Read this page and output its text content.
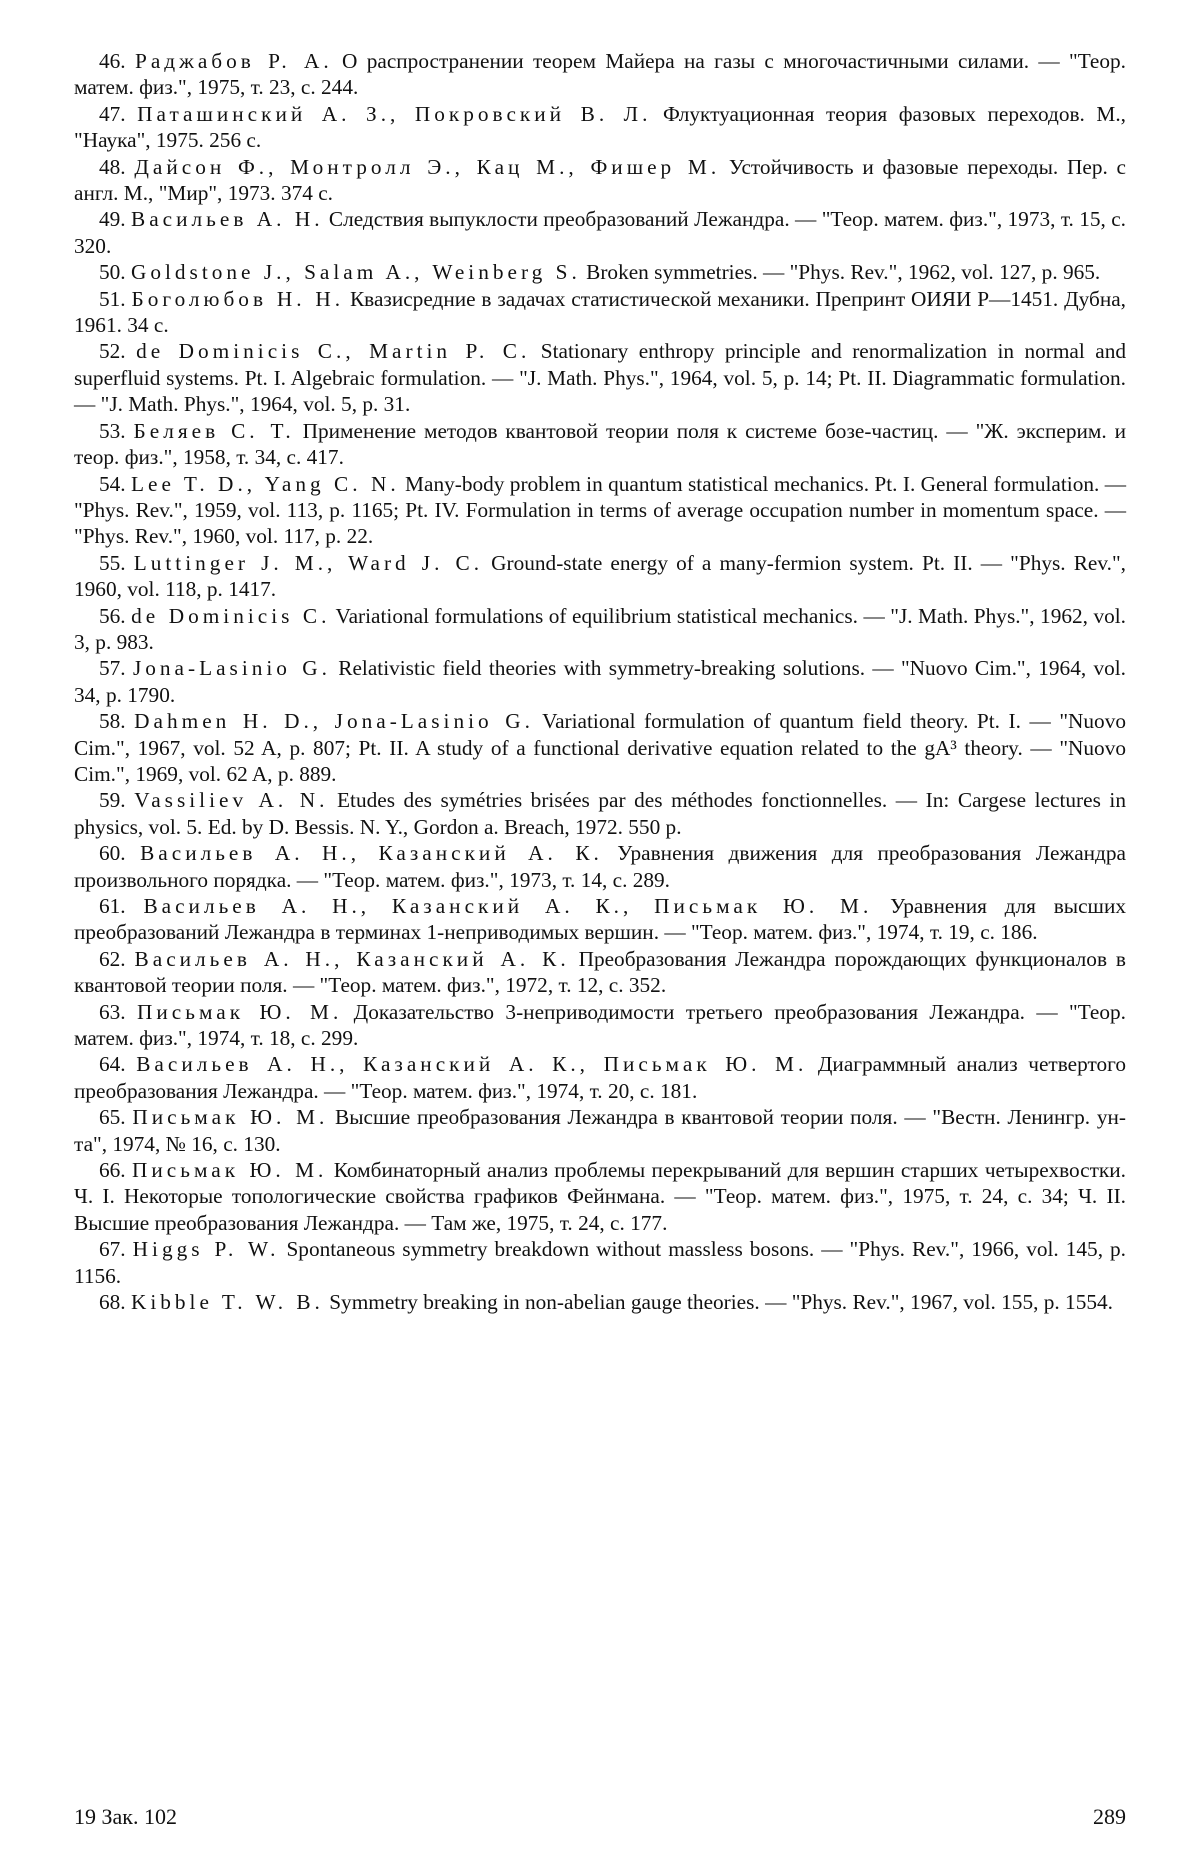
46. Раджабов Р. А. О распространении теорем Майера на газы с многочастичными силами. — "Теор. матем. физ.", 1975, т. 23, с. 244.
47. Паташинский А. З., Покровский В. Л. Флуктуационная теория фазовых переходов. М., "Наука", 1975. 256 с.
48. Дайсон Ф., Монтролл Э., Кац М., Фишер М. Устойчивость и фазовые переходы. Пер. с англ. М., "Мир", 1973. 374 с.
49. Васильев А. Н. Следствия выпуклости преобразований Лежандра. — "Теор. матем. физ.", 1973, т. 15, с. 320.
50. Goldstone J., Salam A., Weinberg S. Broken symmetries. — "Phys. Rev.", 1962, vol. 127, p. 965.
51. Боголюбов Н. Н. Квазисредние в задачах статистической механики. Препринт ОИЯИ Р—1451. Дубна, 1961. 34 с.
52. de Dominicis C., Martin P. C. Stationary enthropy principle and renormalization in normal and superfluid systems. Pt. I. Algebraic formulation. — "J. Math. Phys.", 1964, vol. 5, p. 14; Pt. II. Diagrammatic formulation. — "J. Math. Phys.", 1964, vol. 5, p. 31.
53. Беляев С. Т. Применение методов квантовой теории поля к системе бозе-частиц. — "Ж. эксперим. и теор. физ.", 1958, т. 34, с. 417.
54. Lee T. D., Yang C. N. Many-body problem in quantum statistical mechanics. Pt. I. General formulation. — "Phys. Rev.", 1959, vol. 113, p. 1165; Pt. IV. Formulation in terms of average occupation number in momentum space. — "Phys. Rev.", 1960, vol. 117, p. 22.
55. Luttinger J. M., Ward J. C. Ground-state energy of a many-fermion system. Pt. II. — "Phys. Rev.", 1960, vol. 118, p. 1417.
56. de Dominicis C. Variational formulations of equilibrium statistical mechanics. — "J. Math. Phys.", 1962, vol. 3, p. 983.
57. Jona-Lasinio G. Relativistic field theories with symmetry-breaking solutions. — "Nuovo Cim.", 1964, vol. 34, p. 1790.
58. Dahmen H. D., Jona-Lasinio G. Variational formulation of quantum field theory. Pt. I. — "Nuovo Cim.", 1967, vol. 52 A, p. 807; Pt. II. A study of a functional derivative equation related to the gA³ theory. — "Nuovo Cim.", 1969, vol. 62 A, p. 889.
59. Vassiliev A. N. Etudes des symétries brisées par des méthodes fonctionnelles. — In: Cargese lectures in physics, vol. 5. Ed. by D. Bessis. N. Y., Gordon a. Breach, 1972. 550 p.
60. Васильев А. Н., Казанский А. К. Уравнения движения для преобразования Лежандра произвольного порядка. — "Теор. матем. физ.", 1973, т. 14, с. 289.
61. Васильев А. Н., Казанский А. К., Письмак Ю. М. Уравнения для высших преобразований Лежандра в терминах 1-неприводимых вершин. — "Теор. матем. физ.", 1974, т. 19, с. 186.
62. Васильев А. Н., Казанский А. К. Преобразования Лежандра порождающих функционалов в квантовой теории поля. — "Теор. матем. физ.", 1972, т. 12, с. 352.
63. Письмак Ю. М. Доказательство 3-неприводимости третьего преобразования Лежандра. — "Теор. матем. физ.", 1974, т. 18, с. 299.
64. Васильев А. Н., Казанский А. К., Письмак Ю. М. Диаграммный анализ четвертого преобразования Лежандра. — "Теор. матем. физ.", 1974, т. 20, с. 181.
65. Письмак Ю. М. Высшие преобразования Лежандра в квантовой теории поля. — "Вестн. Ленингр. ун-та", 1974, № 16, с. 130.
66. Письмак Ю. М. Комбинаторный анализ проблемы перекрываний для вершин старших четырехвостки. Ч. I. Некоторые топологические свойства графиков Фейнмана. — "Теор. матем. физ.", 1975, т. 24, с. 34; Ч. II. Высшие преобразования Лежандра. — Там же, 1975, т. 24, с. 177.
67. Higgs P. W. Spontaneous symmetry breakdown without massless bosons. — "Phys. Rev.", 1966, vol. 145, p. 1156.
68. Kibble T. W. B. Symmetry breaking in non-abelian gauge theories. — "Phys. Rev.", 1967, vol. 155, p. 1554.
19 Зак. 102	289
